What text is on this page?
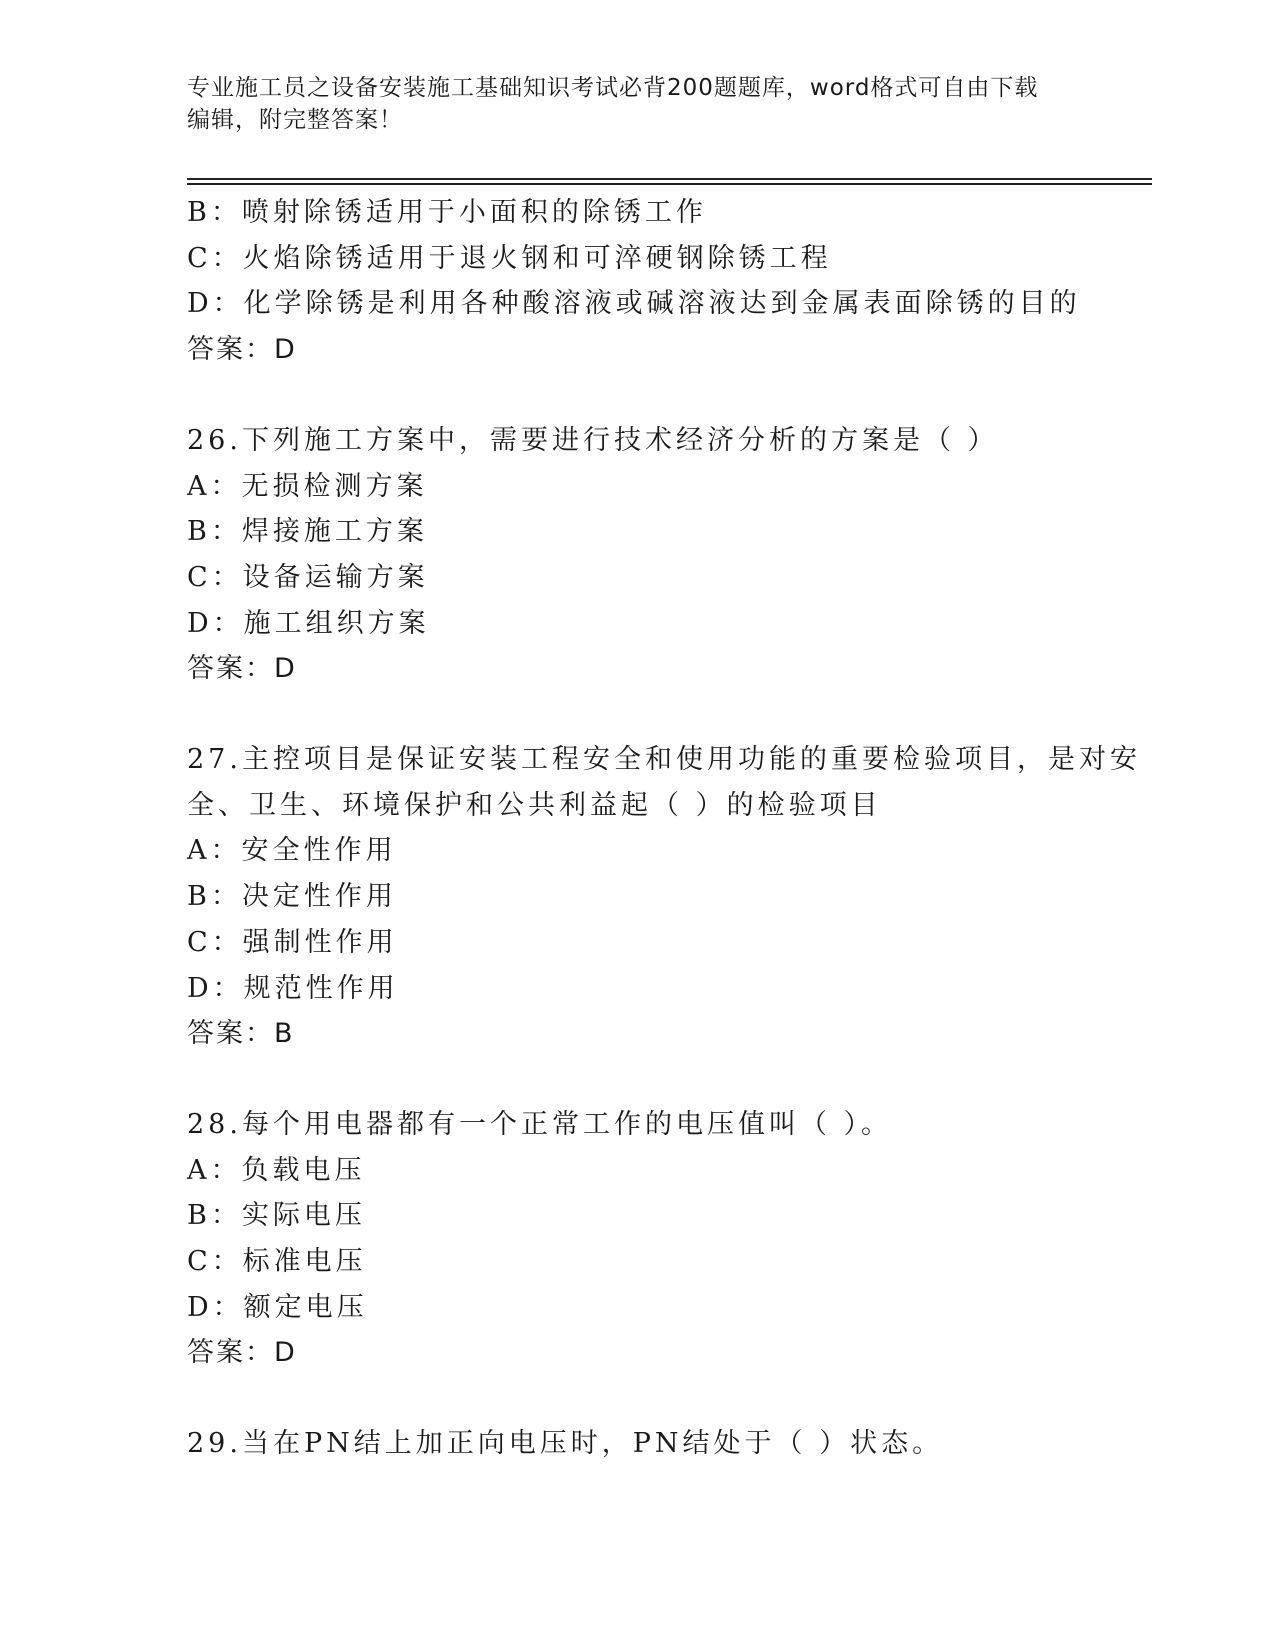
专业施工员之设备安装施工基础知识考试必背200题题库，word格式可自由下载
编辑，附完整答案！
B：喷射除锈适用于小面积的除锈工作
C：火焰除锈适用于退火钢和可淬硬钢除锈工程
D：化学除锈是利用各种酸溶液或碱溶液达到金属表面除锈的目的
答案：D
26.下列施工方案中，需要进行技术经济分析的方案是（ ）
A：无损检测方案
B：焊接施工方案
C：设备运输方案
D：施工组织方案
答案：D
27.主控项目是保证安装工程安全和使用功能的重要检验项目，是对安
全、卫生、环境保护和公共利益起（ ）的检验项目
A：安全性作用
B：决定性作用
C：强制性作用
D：规范性作用
答案：B
28.每个用电器都有一个正常工作的电压值叫（ ）。
A：负载电压
B：实际电压
C：标准电压
D：额定电压
答案：D
29.当在PN结上加正向电压时，PN结处于（ ）状态。
